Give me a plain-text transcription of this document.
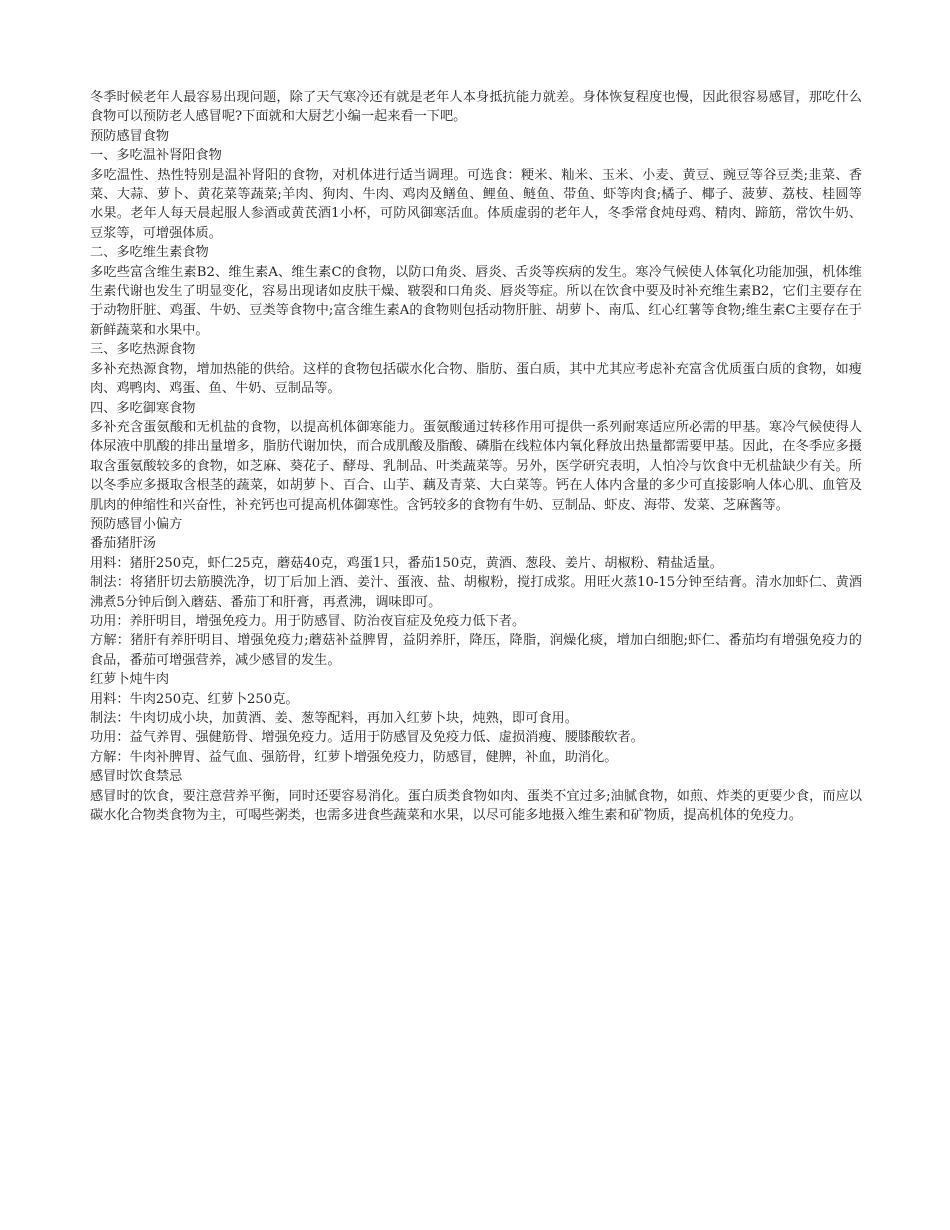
冬季时候老年人最容易出现问题，除了天气寒冷还有就是老年人本身抵抗能力就差。身体恢复程度也慢，因此很容易感冒，那吃什么食物可以预防老人感冒呢?下面就和大厨艺小编一起来看一下吧。

预防感冒食物

一、多吃温补肾阳食物

多吃温性、热性特别是温补肾阳的食物，对机体进行适当调理。可选食：粳米、籼米、玉米、小麦、黄豆、豌豆等谷豆类;韭菜、香菜、大蒜、萝卜、黄花菜等蔬菜;羊肉、狗肉、牛肉、鸡肉及鳝鱼、鲤鱼、鲢鱼、带鱼、虾等肉食;橘子、椰子、菠萝、荔枝、桂圆等水果。老年人每天晨起服人参酒或黄芪酒1小杯，可防风御寒活血。体质虚弱的老年人，冬季常食炖母鸡、精肉、蹄筋，常饮牛奶、豆浆等，可增强体质。

二、多吃维生素食物

多吃些富含维生素B2、维生素A、维生素C的食物，以防口角炎、唇炎、舌炎等疾病的发生。寒冷气候使人体氧化功能加强，机体维生素代谢也发生了明显变化，容易出现诸如皮肤干燥、皲裂和口角炎、唇炎等症。所以在饮食中要及时补充维生素B2，它们主要存在于动物肝脏、鸡蛋、牛奶、豆类等食物中;富含维生素A的食物则包括动物肝脏、胡萝卜、南瓜、红心红薯等食物;维生素C主要存在于新鲜蔬菜和水果中。

三、多吃热源食物

多补充热源食物，增加热能的供给。这样的食物包括碳水化合物、脂肪、蛋白质，其中尤其应考虑补充富含优质蛋白质的食物，如瘦肉、鸡鸭肉、鸡蛋、鱼、牛奶、豆制品等。

四、多吃御寒食物

多补充含蛋氨酸和无机盐的食物，以提高机体御寒能力。蛋氨酸通过转移作用可提供一系列耐寒适应所必需的甲基。寒冷气候使得人体尿液中肌酸的排出量增多，脂肪代谢加快，而合成肌酸及脂酸、磷脂在线粒体内氧化释放出热量都需要甲基。因此，在冬季应多摄取含蛋氨酸较多的食物，如芝麻、葵花子、酵母、乳制品、叶类蔬菜等。另外，医学研究表明，人怕冷与饮食中无机盐缺少有关。所以冬季应多摄取含根茎的蔬菜，如胡萝卜、百合、山芋、藕及青菜、大白菜等。钙在人体内含量的多少可直接影响人体心肌、血管及肌肉的伸缩性和兴奋性，补充钙也可提高机体御寒性。含钙较多的食物有牛奶、豆制品、虾皮、海带、发菜、芝麻酱等。

预防感冒小偏方

番茄猪肝汤

用料：猪肝250克，虾仁25克，蘑菇40克，鸡蛋1只，番茄150克，黄酒、葱段、姜片、胡椒粉、精盐适量。

制法：将猪肝切去筋膜洗净，切丁后加上酒、姜汁、蛋液、盐、胡椒粉，搅打成浆。用旺火蒸10-15分钟至结膏。清水加虾仁、黄酒沸煮5分钟后倒入蘑菇、番茄丁和肝膏，再煮沸，调味即可。

功用：养肝明目，增强免疫力。用于防感冒、防治夜盲症及免疫力低下者。

方解：猪肝有养肝明目、增强免疫力;蘑菇补益脾胃，益阴养肝，降压，降脂，润燥化痰，增加白细胞;虾仁、番茄均有增强免疫力的食品，番茄可增强营养，减少感冒的发生。

红萝卜炖牛肉

用料：牛肉250克、红萝卜250克。

制法：牛肉切成小块，加黄酒、姜、葱等配料，再加入红萝卜块，炖熟，即可食用。

功用：益气养胃、强健筋骨、增强免疫力。适用于防感冒及免疫力低、虚损消瘦、腰膝酸软者。

方解：牛肉补脾胃、益气血、强筋骨，红萝卜增强免疫力，防感冒，健脾，补血，助消化。

感冒时饮食禁忌

感冒时的饮食，要注意营养平衡，同时还要容易消化。蛋白质类食物如肉、蛋类不宜过多;油腻食物，如煎、炸类的更要少食，而应以碳水化合物类食物为主，可喝些粥类，也需多进食些蔬菜和水果，以尽可能多地摄入维生素和矿物质，提高机体的免疫力。
